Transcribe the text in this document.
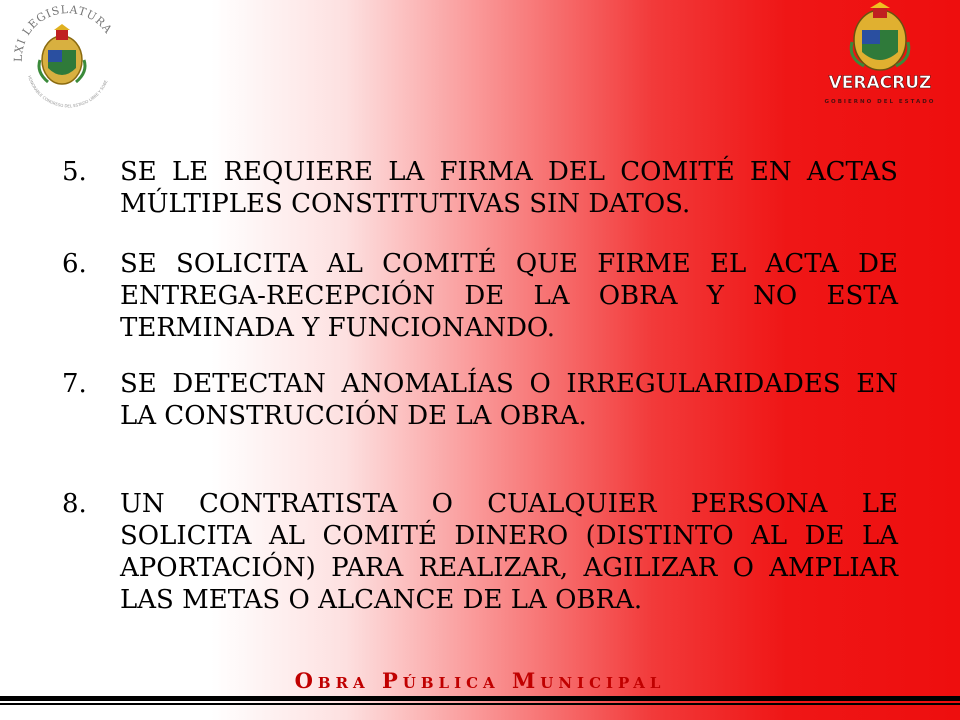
LXI LEGISLATURA
HONORABLE CONGRESO DEL ESTADO LIBRE Y SOBE	VERACRUZ
GOBIERNO DEL ESTADO
5.	SE LE REQUIERE LA FIRMA DEL COMITÉ EN ACTAS MÚLTIPLES CONSTITUTIVAS SIN DATOS.
6.	SE SOLICITA AL COMITÉ QUE FIRME EL ACTA DE ENTREGA-RECEPCIÓN DE LA OBRA Y NO ESTA TERMINADA Y FUNCIONANDO.
7.	SE DETECTAN ANOMALÍAS O IRREGULARIDADES EN LA CONSTRUCCIÓN DE LA OBRA.
8.	UN CONTRATISTA O CUALQUIER PERSONA LE SOLICITA AL COMITÉ DINERO (DISTINTO AL DE LA APORTACIÓN) PARA REALIZAR, AGILIZAR O AMPLIAR LAS METAS O ALCANCE DE LA OBRA.
OBRA PÚBLICA MUNICIPAL
